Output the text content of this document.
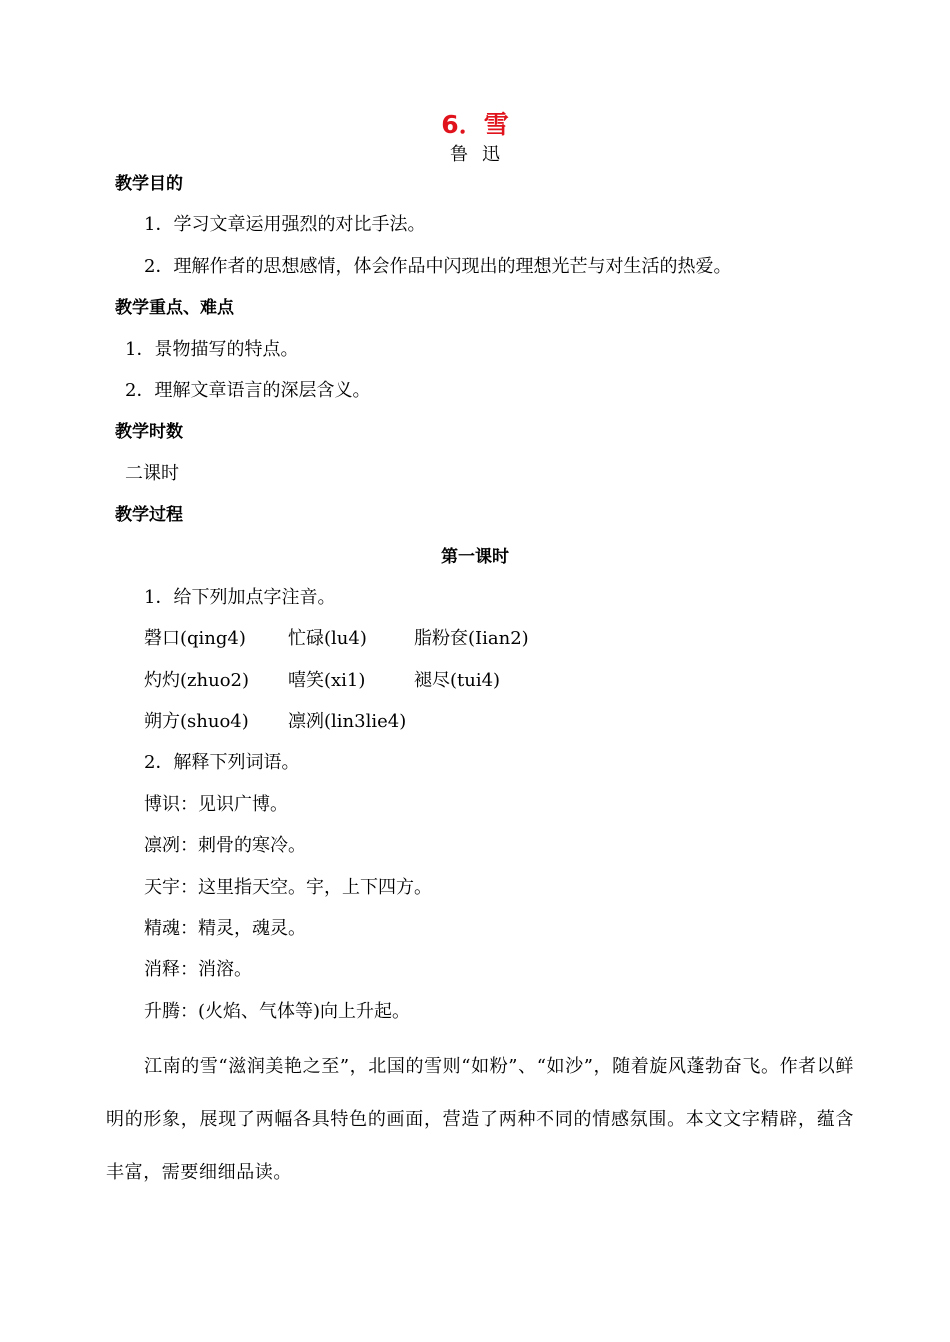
6．雪
鲁迅
教学目的
1．学习文章运用强烈的对比手法。
2．理解作者的思想感情，体会作品中闪现出的理想光芒与对生活的热爱。
教学重点、难点
1．景物描写的特点。
2．理解文章语言的深层含义。
教学时数
二课时
教学过程
第一课时
1．给下列加点字注音。
磬口(qing4) 忙碌(lu4)	脂粉奁(Iian2)
灼灼(zhuo2) 嘻笑(xi1)	褪尽(tui4)
朔方(shuo4) 凛冽(lin3lie4)
2．解释下列词语。
博识：见识广博。
凛冽：刺骨的寒冷。
天宇：这里指天空。宇，上下四方。
精魂：精灵，魂灵。
消释：消溶。
升腾：(火焰、气体等)向上升起。
江南的雪“滋润美艳之至”，北国的雪则“如粉”、“如沙”，随着旋风蓬勃奋飞。作者以鲜明的形象，展现了两幅各具特色的画面，营造了两种不同的情感氛围。本文文字精辟，蕴含丰富，需要细细品读。
